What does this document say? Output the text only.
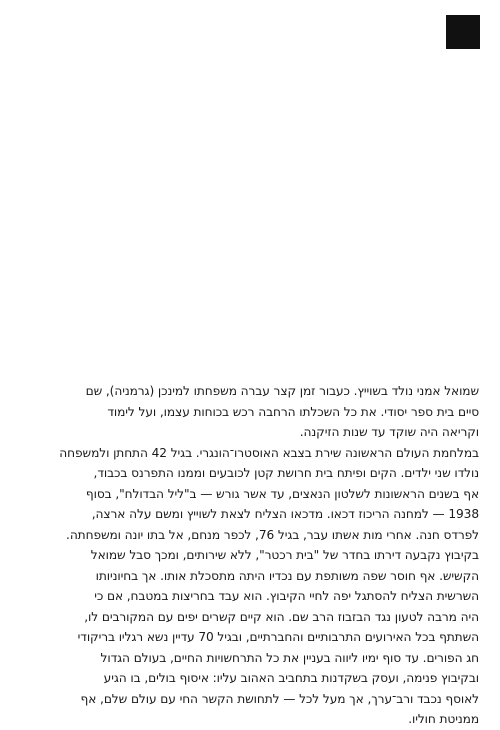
שמואל אמני נולד בשוייץ. כעבור זמן קצר עברה משפחתו למינכן (גרמניה), שם
סיים בית ספר יסודי. את כל השכלתו הרחבה רכש בכוחות עצמו, ועל לימוד
וקריאה היה שוקד עד שנות הזיקנה.
במלחמת העולם הראשונה שירת בצבא האוסטרו־הונגרי. בגיל 42 התחתן ולמשפחה
נולדו שני ילדים. הקים ופיתח בית חרושת קטן לכובעים וממנו התפרנס בכבוד,
אף בשנים הראשונות לשלטון הנאצים, עד אשר גורש — ב"ליל הבדולח", בסוף
1938 — למחנה הריכוז דכאו. מדכאו הצליח לצאת לשוייץ ומשם עלה ארצה,
לפרדס חנה. אחרי מות אשתו עבר, בגיל 76, לכפר מנחם, אל בתו יונה ומשפחתה.
בקיבוץ נקבעה דירתו בחדר של "בית רכטר", ללא שירותים, ומכך סבל שמואל
הקשיש. אף חוסר שפה משותפת עם נכדיו היתה מתסכלת אותו. אך בחיוניותו
השרשית הצליח להסתגל יפה לחיי הקיבוץ. הוא עבד בחריצות במטבח, אם כי
היה מרבה לטעון נגד הבזבוז הרב שם. הוא קיים קשרים יפים עם המקורבים לו,
השתתף בכל האירועים התרבותיים והחברתיים, ובגיל 70 עדיין נשא רגליו בריקודי
חג הפורים. עד סוף ימיו ליווה בעניין את כל התרחשויות החיים, בעולם הגדול
ובקיבוץ פנימה, ועסק בשקדנות בתחביב האהוב עליו: איסוף בולים, בו הגיע
לאוסף נכבד ורב־ערך, אך מעל לכל — לתחושת הקשר החי עם עולם שלם, אף
ממניטת חוליו.
